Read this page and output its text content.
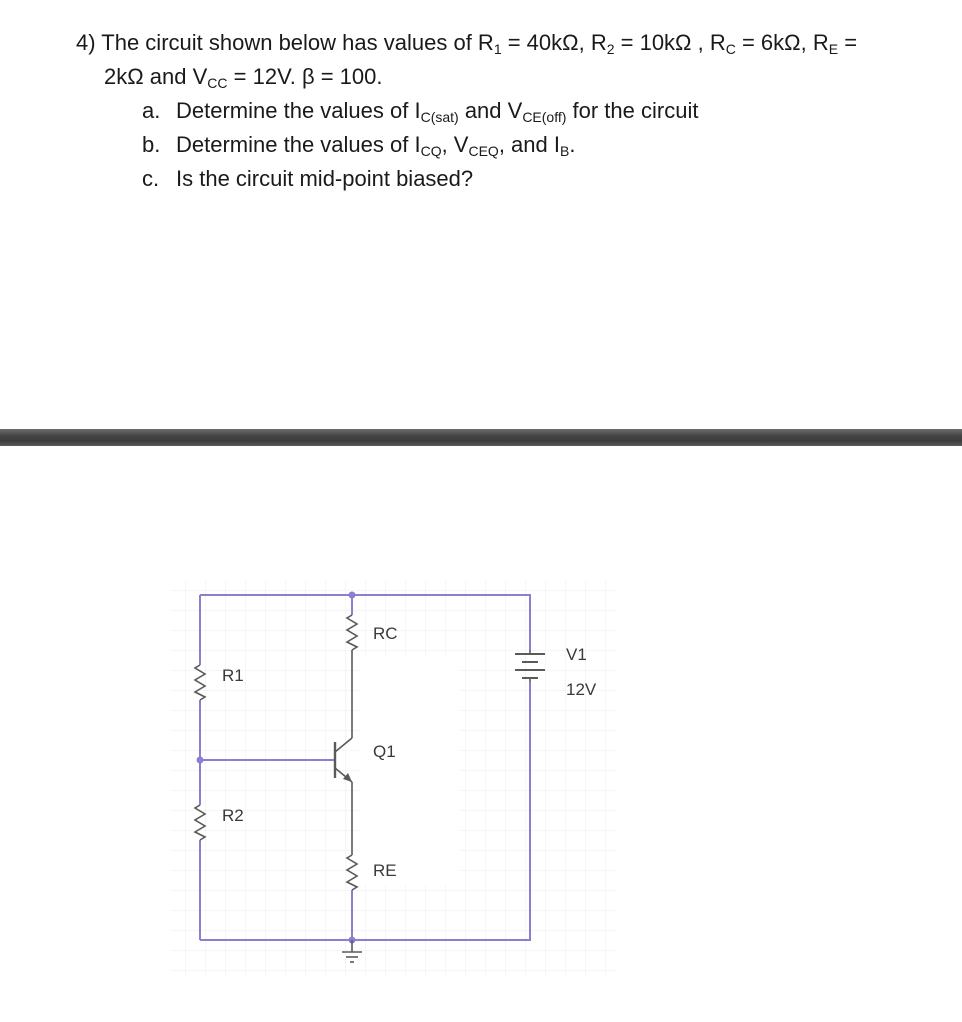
4) The circuit shown below has values of $R_1 = 40k\Omega$, $R_2 = 10k\Omega$ , $R_C = 6k\Omega$, $R_E$ =
2kΩ and $V_{CC} = 12V$. β = 100.
a. Determine the values of $I_{C(sat)}$ and $V_{CE(off)}$ for the circuit
b. Determine the values of $I_{CQ}$, $V_{CEQ}$, and $I_B$.
c. Is the circuit mid-point biased?
R1
R2
RC
Q1
RE
V1
12V
